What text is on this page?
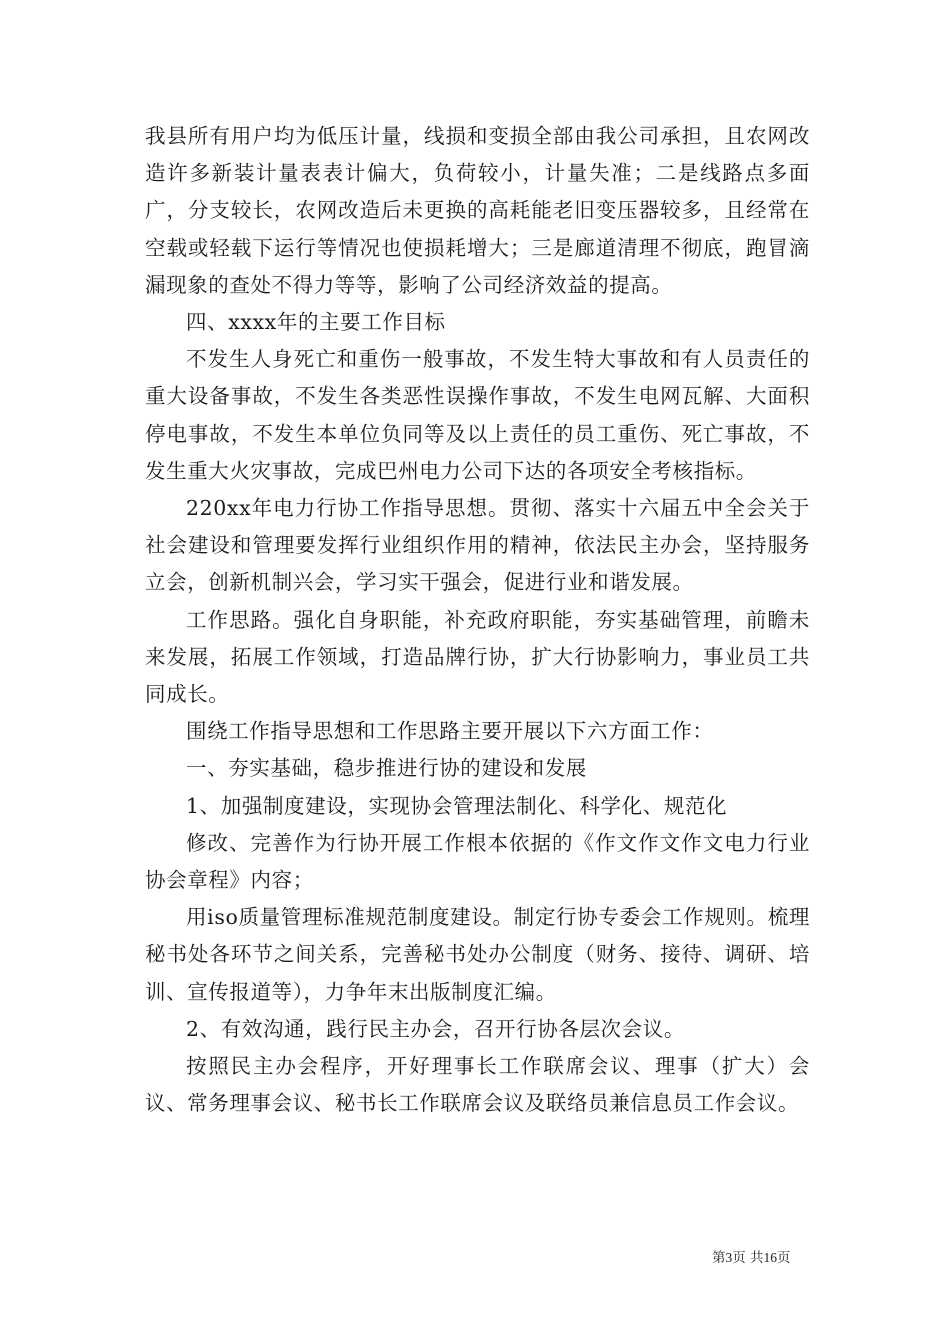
我县所有用户均为低压计量，线损和变损全部由我公司承担，且农网改造许多新装计量表表计偏大，负荷较小，计量失准；二是线路点多面广，分支较长，农网改造后未更换的高耗能老旧变压器较多，且经常在空载或轻载下运行等情况也使损耗增大；三是廊道清理不彻底，跑冒滴漏现象的查处不得力等等，影响了公司经济效益的提高。

四、xxxx年的主要工作目标

不发生人身死亡和重伤一般事故，不发生特大事故和有人员责任的重大设备事故，不发生各类恶性误操作事故，不发生电网瓦解、大面积停电事故，不发生本单位负同等及以上责任的员工重伤、死亡事故，不发生重大火灾事故，完成巴州电力公司下达的各项安全考核指标。

220xx年电力行协工作指导思想。贯彻、落实十六届五中全会关于社会建设和管理要发挥行业组织作用的精神，依法民主办会，坚持服务立会，创新机制兴会，学习实干强会，促进行业和谐发展。

工作思路。强化自身职能，补充政府职能，夯实基础管理，前瞻未来发展，拓展工作领域，打造品牌行协，扩大行协影响力，事业员工共同成长。

围绕工作指导思想和工作思路主要开展以下六方面工作：

一、夯实基础，稳步推进行协的建设和发展

1、加强制度建设，实现协会管理法制化、科学化、规范化

修改、完善作为行协开展工作根本依据的《作文作文作文电力行业协会章程》内容；

用iso质量管理标准规范制度建设。制定行协专委会工作规则。梳理秘书处各环节之间关系，完善秘书处办公制度（财务、接待、调研、培训、宣传报道等），力争年末出版制度汇编。

2、有效沟通，践行民主办会，召开行协各层次会议。

按照民主办会程序，开好理事长工作联席会议、理事（扩大）会议、常务理事会议、秘书长工作联席会议及联络员兼信息员工作会议。

第3页 共16页
